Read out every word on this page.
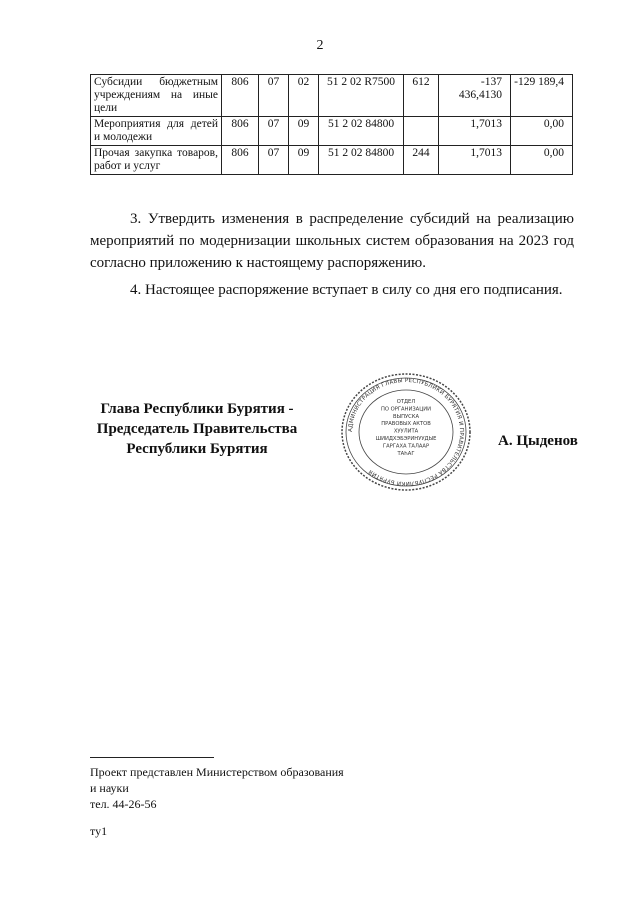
2
Субсидии бюджетным учреждениям на иные цели	806	07	02	51 2 02 R7500	612	-137 436,4130	-129 189,4
Мероприятия для детей и молодежи	806	07	09	51 2 02 84800		1,7013	0,00
Прочая закупка товаров, работ и услуг	806	07	09	51 2 02 84800	244	1,7013	0,00
3. Утвердить изменения в распределение субсидий на реализацию мероприятий по модернизации школьных систем образования на 2023 год согласно приложению к настоящему распоряжению.
4. Настоящее распоряжение вступает в силу со дня его подписания.
Глава Республики Бурятия -
Председатель Правительства
Республики Бурятия
АДМИНИСТРАЦИЯ ГЛАВЫ РЕСПУБЛИКИ БУРЯТИЯ И ПРАВИТЕЛЬСТВА РЕСПУБЛИКИ БУРЯТИЯ
ОТДЕЛ
ПО ОРГАНИЗАЦИИ
ВЫПУСКА
ПРАВОВЫХ АКТОВ
ХУУЛИТА
ШИИДХЭБЭРИНУУДЫЕ
ГАРГАХА ТАЛААР
ТАҺАГ
А. Цыденов
Проект представлен Министерством образования
и науки
тел. 44-26-56
ту1
